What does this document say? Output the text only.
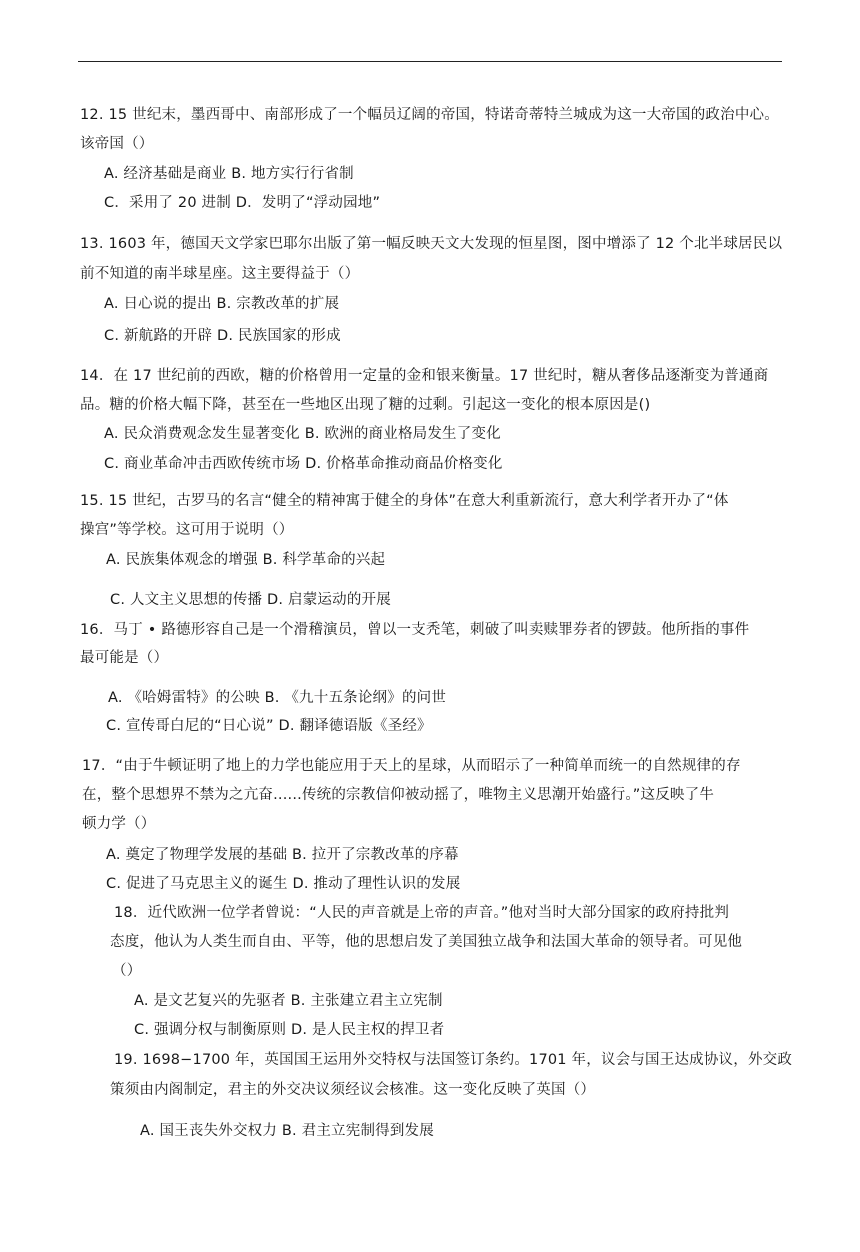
12. 15 世纪末，墨西哥中、南部形成了一个幅员辽阔的帝国，特诺奇蒂特兰城成为这一大帝国的政治中心。
该帝国（）
A. 经济基础是商业 B. 地方实行行省制
C．采用了 20 进制 D．发明了“浮动园地”
13. 1603 年，德国天文学家巴耶尔出版了第一幅反映天文大发现的恒星图，图中增添了 12 个北半球居民以
前不知道的南半球星座。这主要得益于（）
A. 日心说的提出 B. 宗教改革的扩展
C. 新航路的开辟 D. 民族国家的形成
14．在 17 世纪前的西欧，糖的价格曾用一定量的金和银来衡量。17 世纪时，糖从奢侈品逐渐变为普通商
品。糖的价格大幅下降，甚至在一些地区出现了糖的过剩。引起这一变化的根本原因是()
A. 民众消费观念发生显著变化 B. 欧洲的商业格局发生了变化
C. 商业革命冲击西欧传统市场 D. 价格革命推动商品价格变化
15. 15 世纪，古罗马的名言“健全的精神寓于健全的身体”在意大利重新流行，意大利学者开办了“体
操宫”等学校。这可用于说明（）
A. 民族集体观念的增强 B. 科学革命的兴起
C. 人文主义思想的传播 D. 启蒙运动的开展
16．马丁 • 路德形容自己是一个滑稽演员，曾以一支秃笔，刺破了叫卖赎罪券者的锣鼓。他所指的事件
最可能是（）
A. 《哈姆雷特》的公映 B. 《九十五条论纲》的问世
C. 宣传哥白尼的“日心说” D. 翻译德语版《圣经》
17．“由于牛顿证明了地上的力学也能应用于天上的星球，从而昭示了一种简单而统一的自然规律的存
在，整个思想界不禁为之亢奋......传统的宗教信仰被动摇了，唯物主义思潮开始盛行。”这反映了牛
顿力学（）
A. 奠定了物理学发展的基础 B. 拉开了宗教改革的序幕
C. 促进了马克思主义的诞生 D. 推动了理性认识的发展
18．近代欧洲一位学者曾说：“人民的声音就是上帝的声音。”他对当时大部分国家的政府持批判
态度，他认为人类生而自由、平等，他的思想启发了美国独立战争和法国大革命的领导者。可见他
（）
A. 是文艺复兴的先驱者 B. 主张建立君主立宪制
C. 强调分权与制衡原则 D. 是人民主权的捍卫者
19. 1698−1700 年，英国国王运用外交特权与法国签订条约。1701 年，议会与国王达成协议，外交政
策须由内阁制定，君主的外交决议须经议会核准。这一变化反映了英国（）
A. 国王丧失外交权力 B. 君主立宪制得到发展
